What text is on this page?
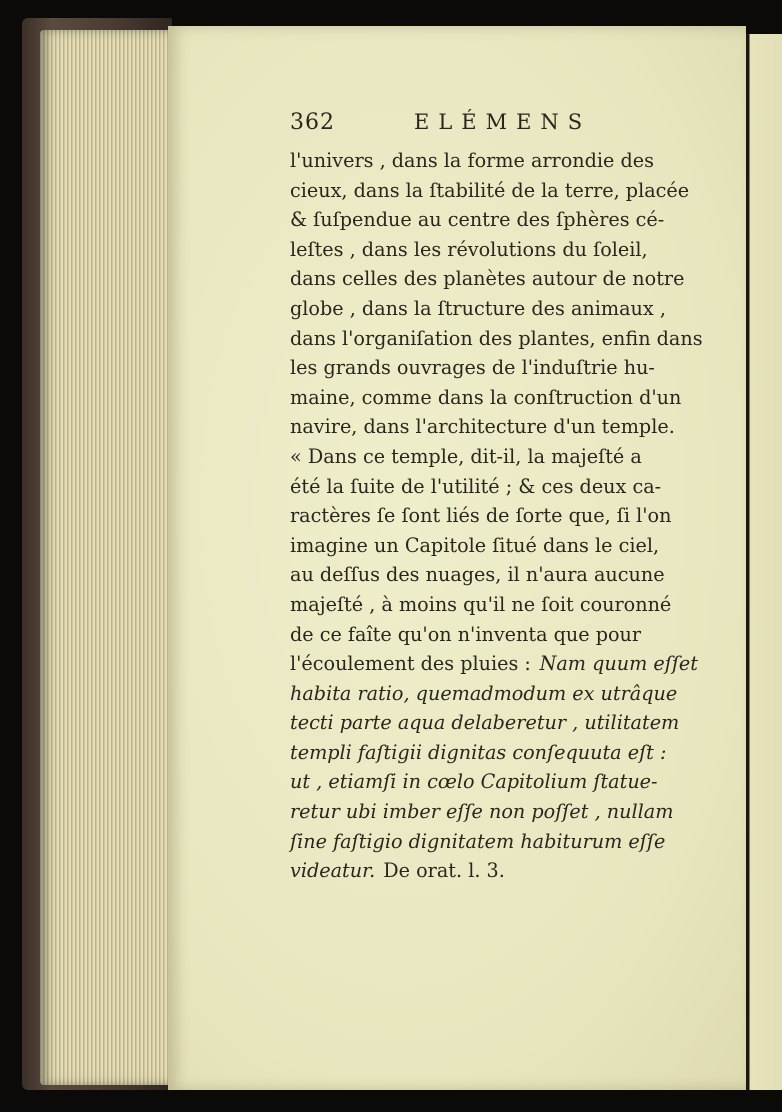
362	ELÉMENS
l'univers , dans la forme arrondie des
cieux, dans la ſtabilité de la terre, placée
& ſuſpendue au centre des ſphères cé-
leſtes , dans les révolutions du ſoleil,
dans celles des planètes autour de notre
globe , dans la ſtructure des animaux ,
dans l'organiſation des plantes, enfin dans
les grands ouvrages de l'induſtrie hu-
maine, comme dans la conſtruction d'un
navire, dans l'architecture d'un temple.
« Dans ce temple, dit-il, la majeſté a
été la ſuite de l'utilité ; & ces deux ca-
ractères ſe ſont liés de ſorte que, ſi l'on
imagine un Capitole ſitué dans le ciel,
au deſſus des nuages, il n'aura aucune
majeſté , à moins qu'il ne ſoit couronné
de ce faîte qu'on n'inventa que pour
l'écoulement des pluies : Nam quum eſſet
habita ratio, quemadmodum ex utrâque
tecti parte aqua delaberetur , utilitatem
templi faſtigii dignitas conſequuta eſt :
ut , etiamſi in cœlo Capitolium ſtatue-
retur ubi imber eſſe non poſſet , nullam
ſine faſtigio dignitatem habiturum eſſe
videatur. De orat. l. 3.
